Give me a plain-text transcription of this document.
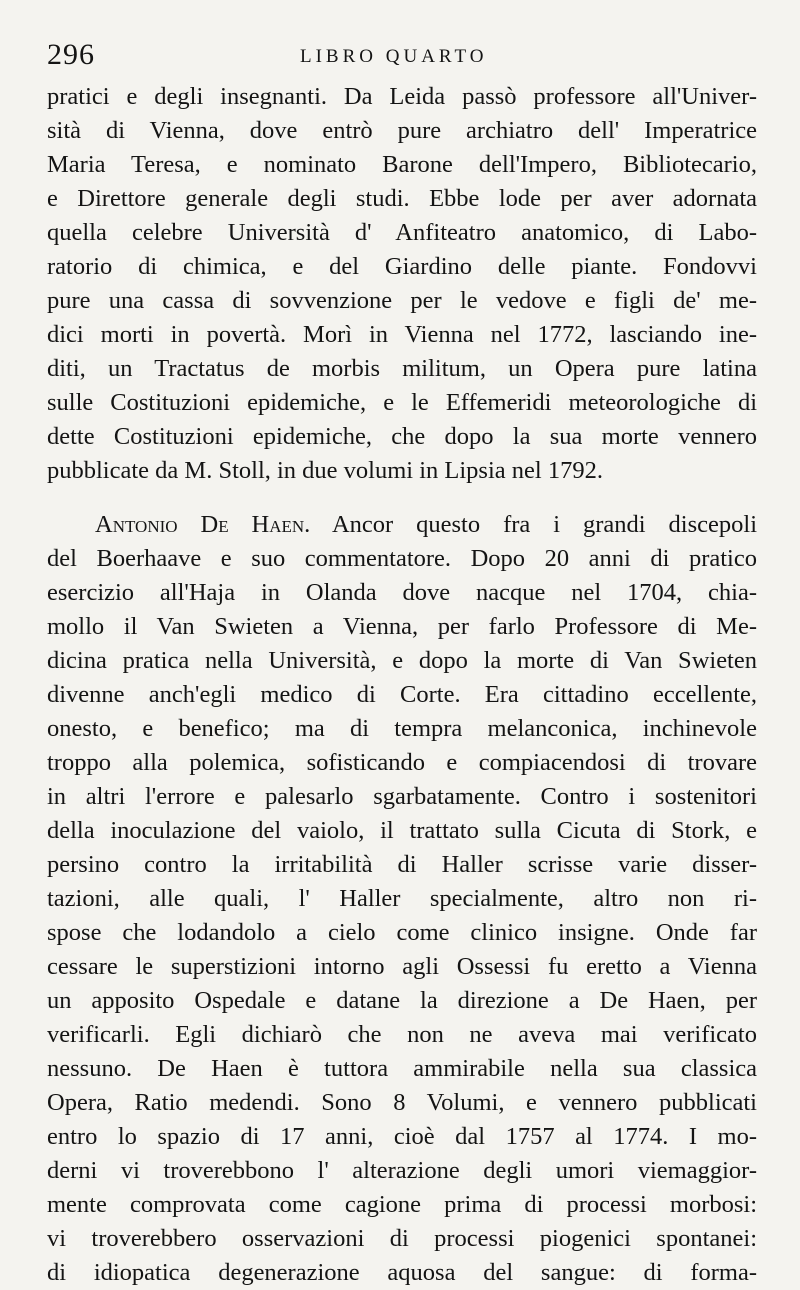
296	LIBRO QUARTO
pratici e degli insegnanti. Da Leida passò professore all'Univer-
sità di Vienna, dove entrò pure archiatro dell' Imperatrice
Maria Teresa, e nominato Barone dell'Impero, Bibliotecario,
e Direttore generale degli studi. Ebbe lode per aver adornata
quella celebre Università d' Anfiteatro anatomico, di Labo-
ratorio di chimica, e del Giardino delle piante. Fondovvi
pure una cassa di sovvenzione per le vedove e figli de' me-
dici morti in povertà. Morì in Vienna nel 1772, lasciando ine-
diti, un Tractatus de morbis militum, un Opera pure latina
sulle Costituzioni epidemiche, e le Effemeridi meteorologiche di
dette Costituzioni epidemiche, che dopo la sua morte vennero
pubblicate da M. Stoll, in due volumi in Lipsia nel 1792.
Antonio De Haen. Ancor questo fra i grandi discepoli
del Boerhaave e suo commentatore. Dopo 20 anni di pratico
esercizio all'Haja in Olanda dove nacque nel 1704, chia-
mollo il Van Swieten a Vienna, per farlo Professore di Me-
dicina pratica nella Università, e dopo la morte di Van Swieten
divenne anch'egli medico di Corte. Era cittadino eccellente,
onesto, e benefico; ma di tempra melanconica, inchinevole
troppo alla polemica, sofisticando e compiacendosi di trovare
in altri l'errore e palesarlo sgarbatamente. Contro i sostenitori
della inoculazione del vaiolo, il trattato sulla Cicuta di Stork, e
persino contro la irritabilità di Haller scrisse varie disser-
tazioni, alle quali, l' Haller specialmente, altro non ri-
spose che lodandolo a cielo come clinico insigne. Onde far
cessare le superstizioni intorno agli Ossessi fu eretto a Vienna
un apposito Ospedale e datane la direzione a De Haen, per
verificarli. Egli dichiarò che non ne aveva mai verificato
nessuno. De Haen è tuttora ammirabile nella sua classica
Opera, Ratio medendi. Sono 8 Volumi, e vennero pubblicati
entro lo spazio di 17 anni, cioè dal 1757 al 1774. I mo-
derni vi troverebbono l' alterazione degli umori viemaggior-
mente comprovata come cagione prima di processi morbosi:
vi troverebbero osservazioni di processi piogenici spontanei:
di idiopatica degenerazione aquosa del sangue: di forma-
